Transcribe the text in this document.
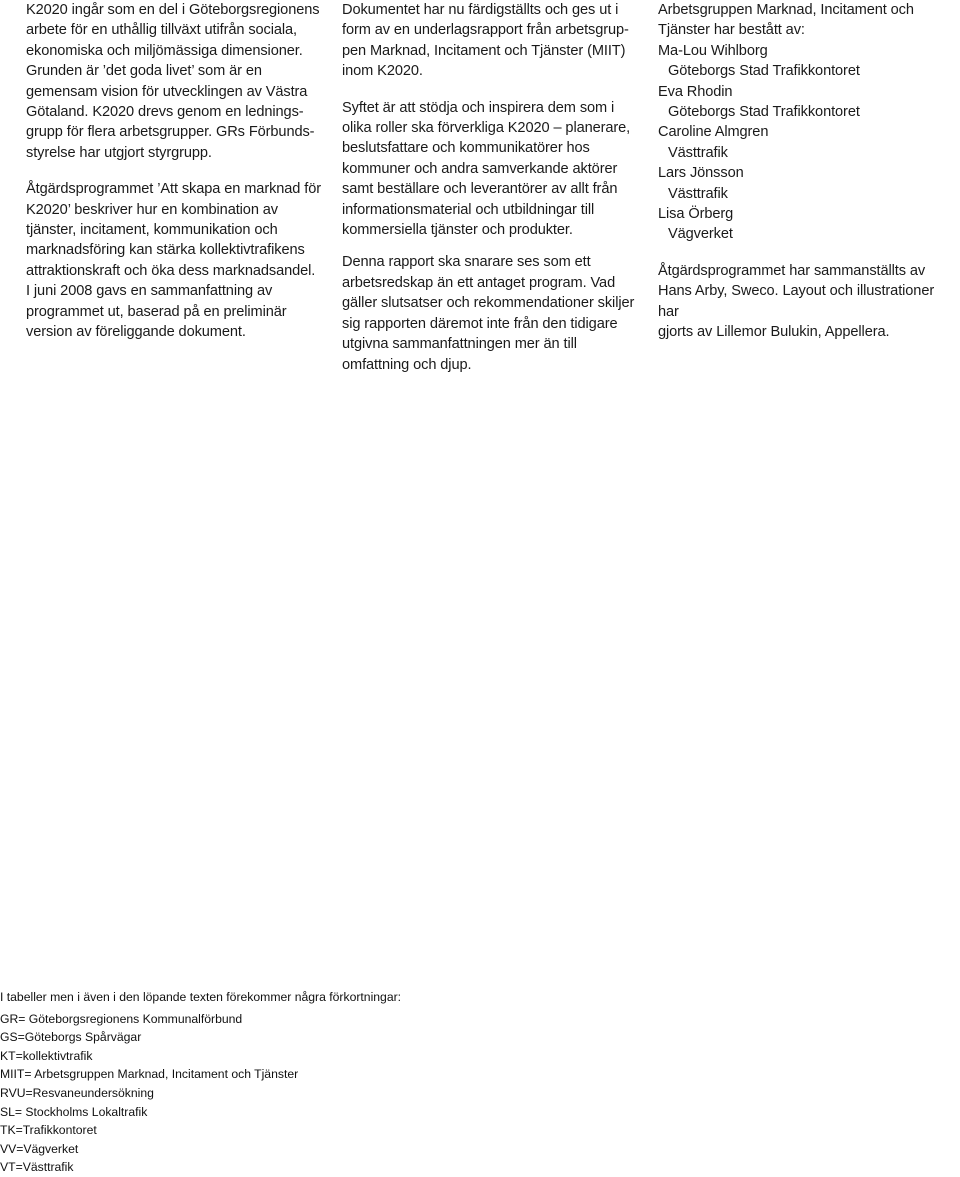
K2020 ingår som en del i Göteborgsregionens
arbete för en uthållig tillväxt utifrån sociala,
ekonomiska och miljömässiga dimensioner.
Grunden är ’det goda livet’ som är en
gemensam vision för utvecklingen av Västra
Götaland. K2020 drevs genom en lednings-
grupp för flera arbetsgrupper. GRs Förbunds-
styrelse har utgjort styrgrupp.

Åtgärdsprogrammet ’Att skapa en marknad för
K2020’ beskriver hur en kombination av
tjänster, incitament, kommunikation och
marknadsföring kan stärka kollektivtrafikens
attraktionskraft och öka dess marknadsandel.
I juni 2008 gavs en sammanfattning av
programmet ut, baserad på en preliminär
version av föreliggande dokument.

Dokumentet har nu färdigställts och ges ut i
form av en underlagsrapport från arbetsgrup-
pen Marknad, Incitament och Tjänster (MIIT)
inom K2020.

Syftet är att stödja och inspirera dem som i
olika roller ska förverkliga K2020 – planerare,
beslutsfattare och kommunikatörer hos
kommuner och andra samverkande aktörer
samt beställare och leverantörer av allt från
informationsmaterial och utbildningar till
kommersiella tjänster och produkter.

Denna rapport ska snarare ses som ett
arbetsredskap än ett antaget program. Vad
gäller slutsatser och rekommendationer skiljer
sig rapporten däremot inte från den tidigare
utgivna sammanfattningen mer än till
omfattning och djup.

Arbetsgruppen Marknad, Incitament och
Tjänster har bestått av:

Ma-Lou Wihlborg
Göteborgs Stad Trafikkontoret
Eva Rhodin
Göteborgs Stad Trafikkontoret
Caroline Almgren
Västtrafik
Lars Jönsson
Västtrafik
Lisa Örberg
Vägverket

Åtgärdsprogrammet har sammanställts av
Hans Arby, Sweco. Layout och illustrationer har
gjorts av Lillemor Bulukin, Appellera.

I tabeller men i även i den löpande texten förekommer några förkortningar:

GR= Göteborgsregionens Kommunalförbund
GS=Göteborgs Spårvägar
KT=kollektivtrafik
MIIT= Arbetsgruppen Marknad, Incitament och Tjänster
RVU=Resvaneundersökning
SL= Stockholms Lokaltrafik
TK=Trafikkontoret
VV=Vägverket
VT=Västtrafik
